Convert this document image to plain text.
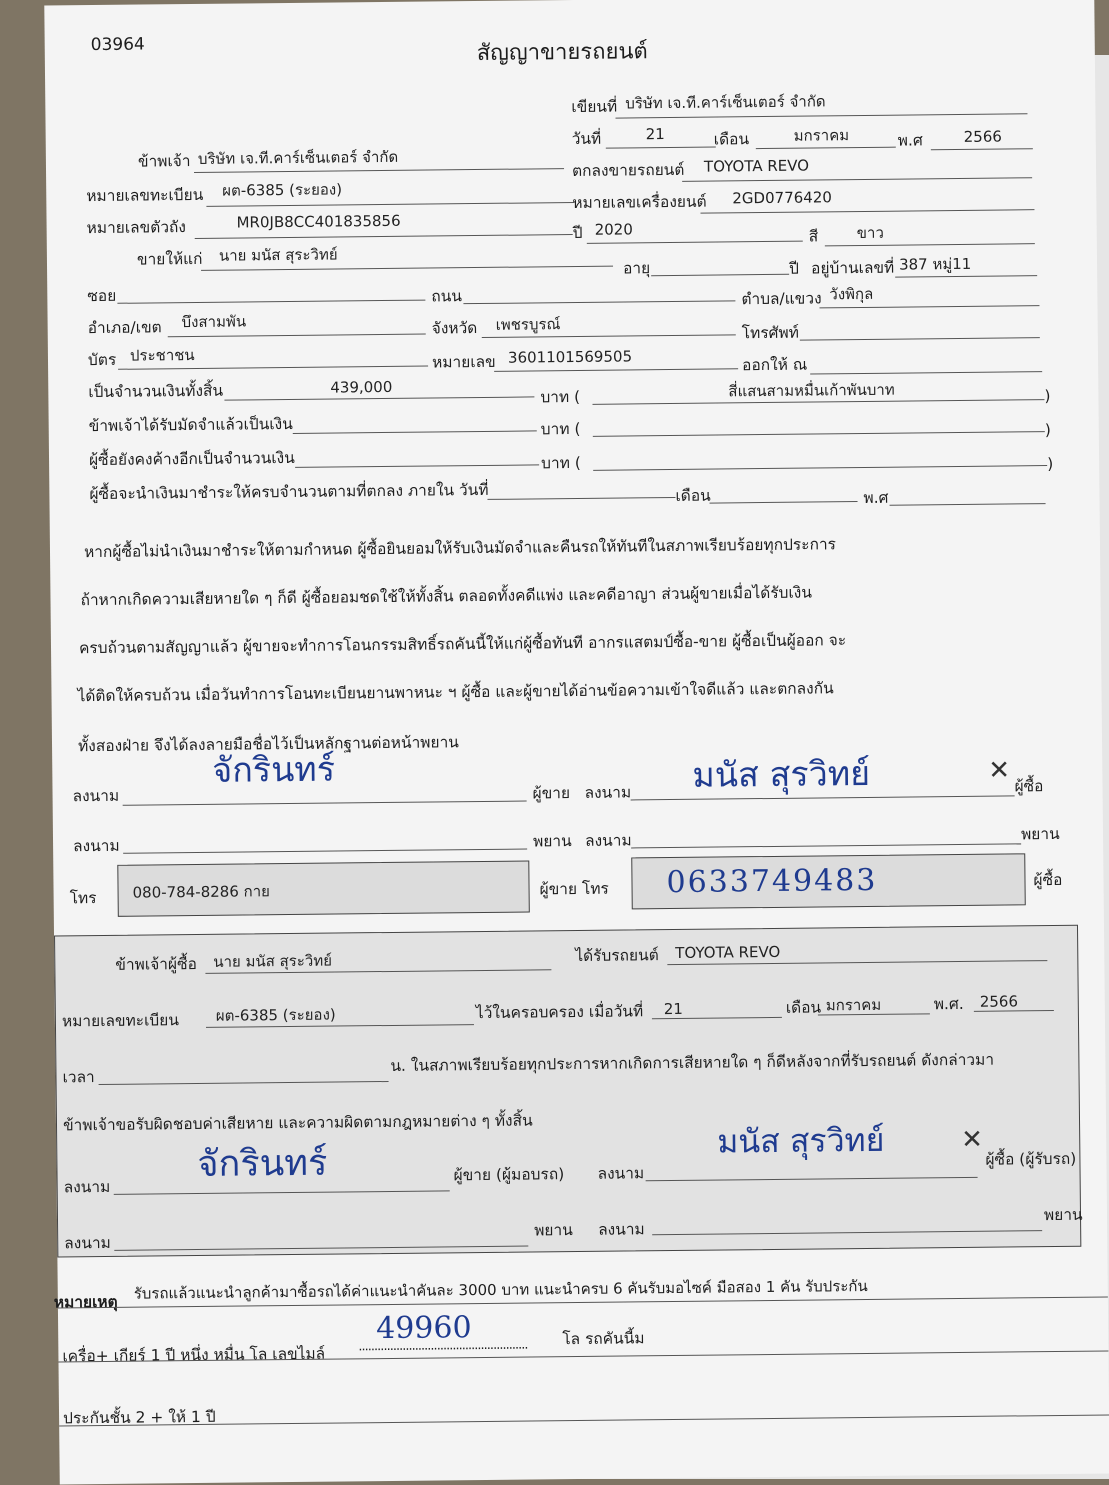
03964	สัญญาขายรถยนต์
เขียนที่ บริษัท เจ.ที.คาร์เซ็นเตอร์ จำกัด
วันที่	21	เดือน	มกราคม	พ.ศ	2566
ข้าพเจ้า บริษัท เจ.ที.คาร์เซ็นเตอร์ จำกัด
ตกลงขายรถยนต์ TOYOTA REVO
หมายเลขทะเบียน ผต-6385 (ระยอง)
หมายเลขเครื่องยนต์ 2GD0776420
หมายเลขตัวถัง	MR0JB8CC401835856
ปี 2020	สี	ขาว
ขายให้แก่ นาย มนัส สุระวิทย์
อายุ	ปี อยู่บ้านเลขที่ 387 หมู่11
ซอย	ถนน	ตำบล/แขวง วังพิกุล
อำเภอ/เขต บึงสามพัน	จังหวัด เพชรบูรณ์	โทรศัพท์
บัตร ประชาชน	หมายเลข 3601101569505	ออกให้ ณ
เป็นจำนวนเงินทั้งสิ้น	439,000
บาท (	สี่แสนสามหมื่นเก้าพันบาท	)
ข้าพเจ้าได้รับมัดจำแล้วเป็นเงิน	บาท (	)
ผู้ซื้อยังคงค้างอีกเป็นจำนวนเงิน	บาท (	)
ผู้ซื้อจะนำเงินมาชำระให้ครบจำนวนตามที่ตกลง ภายใน วันที่	เดือน	พ.ศ
หากผู้ซื้อไม่นำเงินมาชำระให้ตามกำหนด ผู้ซื้อยินยอมให้รับเงินมัดจำและคืนรถให้ทันทีในสภาพเรียบร้อยทุกประการ
ถ้าหากเกิดความเสียหายใด ๆ ก็ดี ผู้ซื้อยอมชดใช้ให้ทั้งสิ้น ตลอดทั้งคดีแพ่ง และคดีอาญา ส่วนผู้ขายเมื่อได้รับเงิน
ครบถ้วนตามสัญญาแล้ว ผู้ขายจะทำการโอนกรรมสิทธิ์รถคันนี้ให้แก่ผู้ซื้อทันที อากรแสตมป์ซื้อ-ขาย ผู้ซื้อเป็นผู้ออก จะ
ได้ติดให้ครบถ้วน เมื่อวันทำการโอนทะเบียนยานพาหนะ ฯ ผู้ซื้อ และผู้ขายได้อ่านข้อความเข้าใจดีแล้ว และตกลงกัน
ทั้งสองฝ่าย จึงได้ลงลายมือชื่อไว้เป็นหลักฐานต่อหน้าพยาน
ลงนาม
จักรินทร์
ผู้ขาย ลงนาม มนัส สุรวิทย์	✕
ผู้ซื้อ
ลงนาม	พยาน ลงนาม	พยาน
โทร 080-784-8286 กาย	ผู้ขาย โทร 0633749483	ผู้ซื้อ
ข้าพเจ้าผู้ซื้อ นาย มนัส สุระวิทย์	ได้รับรถยนต์ TOYOTA REVO
หมายเลขทะเบียน ผต-6385 (ระยอง)	ไว้ในครอบครอง เมื่อวันที่ 21	เดือน มกราคม	พ.ศ. 2566
เวลา
น. ในสภาพเรียบร้อยทุกประการหากเกิดการเสียหายใด ๆ ก็ดีหลังจากที่รับรถยนต์ ดังกล่าวมา
ข้าพเจ้าขอรับผิดชอบค่าเสียหาย และความผิดตามกฎหมายต่าง ๆ ทั้งสิ้น
ลงนาม
จักรินทร์	ผู้ขาย (ผู้มอบรถ) ลงนาม
มนัส สุรวิทย์	✕
ผู้ซื้อ (ผู้รับรถ)
ลงนาม
พยาน ลงนาม
พยาน
หมายเหตุ รับรถแล้วแนะนำลูกค้ามาซื้อรถได้ค่าแนะนำคันละ 3000 บาท แนะนำครบ 6 คันรับมอไซค์ มือสอง 1 คัน รับประกัน
เครื่อ+ เกียร์ 1 ปี หนึ่ง หมื่น โล เลขไมล์	......................................................
49960	โล รถคันนี้ม
ประกันชั้น 2 + ให้ 1 ปี
